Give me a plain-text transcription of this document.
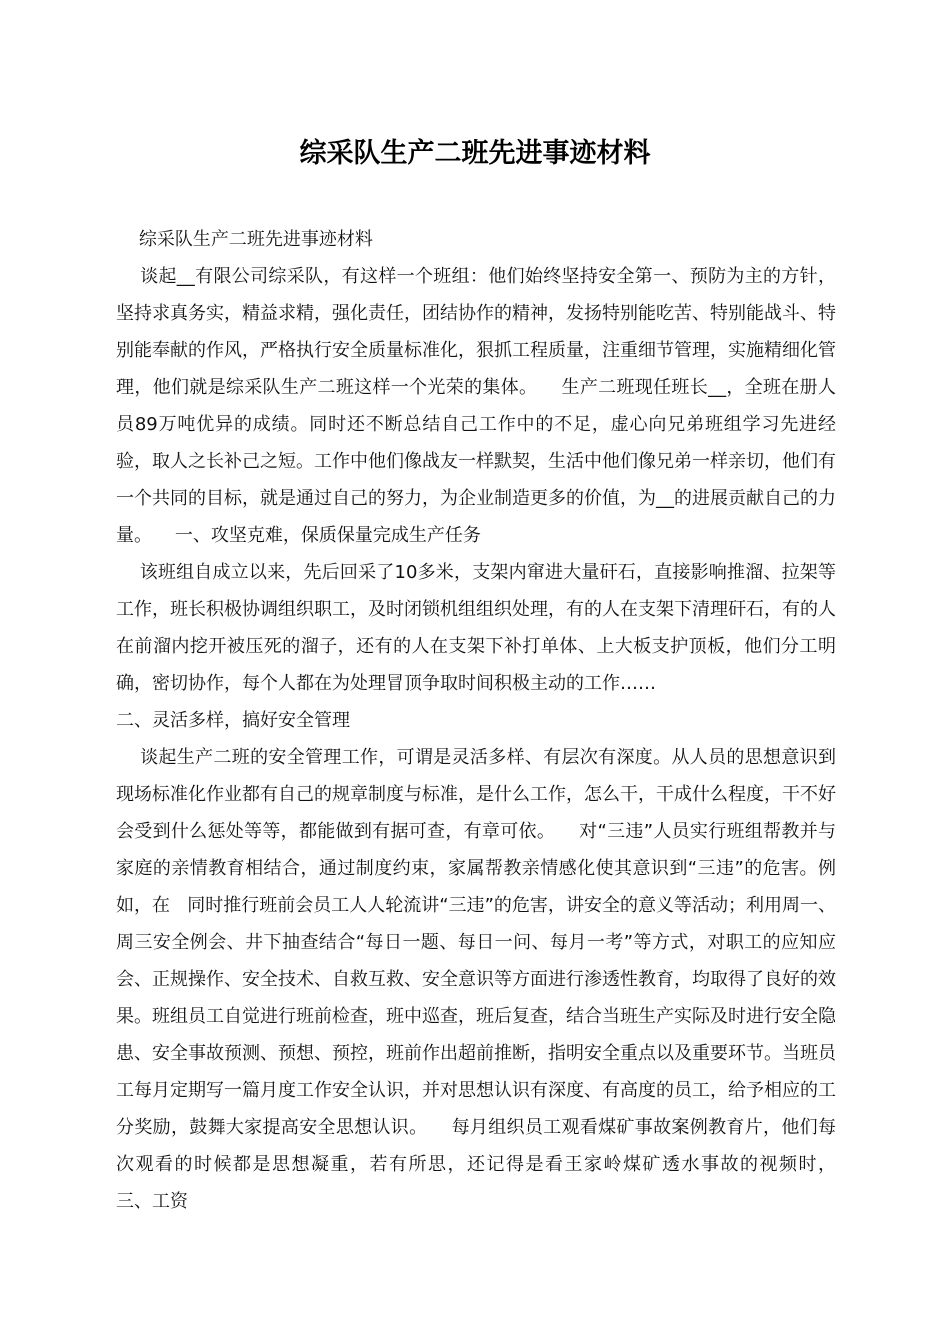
综采队生产二班先进事迹材料

综采队生产二班先进事迹材料

谈起__有限公司综采队，有这样一个班组：他们始终坚持安全第一、预防为主的方针，坚持求真务实，精益求精，强化责任，团结协作的精神，发扬特别能吃苦、特别能战斗、特别能奉献的作风，严格执行安全质量标准化，狠抓工程质量，注重细节管理，实施精细化管理，他们就是综采队生产二班这样一个光荣的集体。    生产二班现任班长__，全班在册人员89万吨优异的成绩。同时还不断总结自己工作中的不足，虚心向兄弟班组学习先进经验，取人之长补己之短。工作中他们像战友一样默契，生活中他们像兄弟一样亲切，他们有一个共同的目标，就是通过自己的努力，为企业制造更多的价值，为__的进展贡献自己的力量。    一、攻坚克难，保质保量完成生产任务

该班组自成立以来，先后回采了10多米，支架内窜进大量矸石，直接影响推溜、拉架等工作，班长积极协调组织职工，及时闭锁机组组织处理，有的人在支架下清理矸石，有的人在前溜内挖开被压死的溜子，还有的人在支架下补打单体、上大板支护顶板，他们分工明确，密切协作，每个人都在为处理冒顶争取时间积极主动的工作……

二、灵活多样，搞好安全管理

谈起生产二班的安全管理工作，可谓是灵活多样、有层次有深度。从人员的思想意识到现场标准化作业都有自己的规章制度与标准，是什么工作，怎么干，干成什么程度，干不好会受到什么惩处等等，都能做到有据可查，有章可依。    对“三违”人员实行班组帮教并与家庭的亲情教育相结合，通过制度约束，家属帮教亲情感化使其意识到“三违”的危害。例如，在   同时推行班前会员工人人轮流讲“三违”的危害，讲安全的意义等活动；利用周一、周三安全例会、井下抽查结合“每日一题、每日一问、每月一考”等方式，对职工的应知应会、正规操作、安全技术、自救互救、安全意识等方面进行渗透性教育，均取得了良好的效果。班组员工自觉进行班前检查，班中巡查，班后复查，结合当班生产实际及时进行安全隐患、安全事故预测、预想、预控，班前作出超前推断，指明安全重点以及重要环节。当班员工每月定期写一篇月度工作安全认识，并对思想认识有深度、有高度的员工，给予相应的工分奖励，鼓舞大家提高安全思想认识。    每月组织员工观看煤矿事故案例教育片，他们每次观看的时候都是思想凝重，若有所思，还记得是看王家岭煤矿透水事故的视频时，    三、工资
